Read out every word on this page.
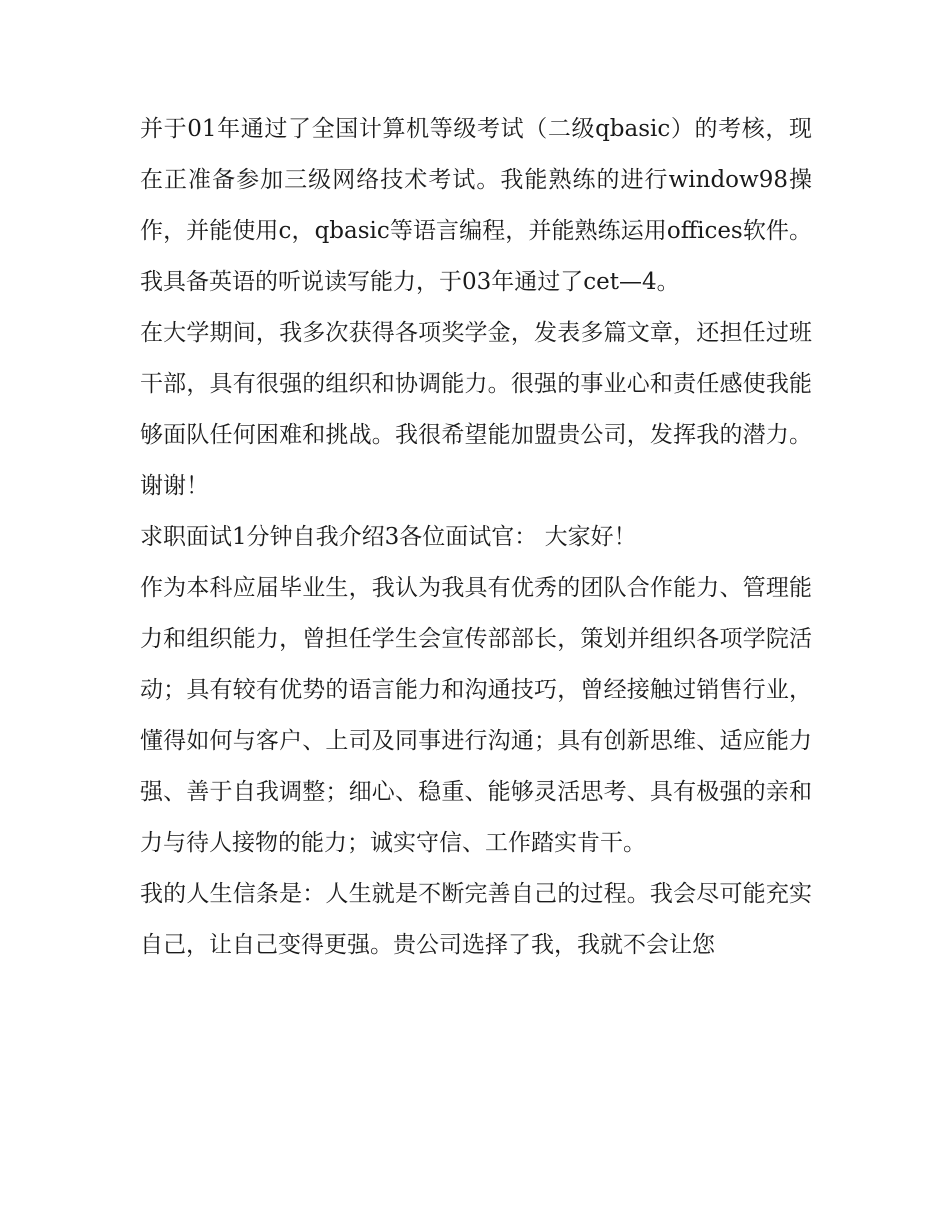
并于01年通过了全国计算机等级考试（二级qbasic）的考核，现在正准备参加三级网络技术考试。我能熟练的进行window98操作，并能使用c，qbasic等语言编程，并能熟练运用offices软件。我具备英语的听说读写能力，于03年通过了cet—4。

在大学期间，我多次获得各项奖学金，发表多篇文章，还担任过班干部，具有很强的组织和协调能力。很强的事业心和责任感使我能够面队任何困难和挑战。我很希望能加盟贵公司，发挥我的潜力。谢谢！

求职面试1分钟自我介绍3各位面试官： 大家好！

作为本科应届毕业生，我认为我具有优秀的团队合作能力、管理能力和组织能力，曾担任学生会宣传部部长，策划并组织各项学院活动；具有较有优势的语言能力和沟通技巧，曾经接触过销售行业，懂得如何与客户、上司及同事进行沟通；具有创新思维、适应能力强、善于自我调整；细心、稳重、能够灵活思考、具有极强的亲和力与待人接物的能力；诚实守信、工作踏实肯干。

我的人生信条是：人生就是不断完善自己的过程。我会尽可能充实自己，让自己变得更强。贵公司选择了我，我就不会让您
